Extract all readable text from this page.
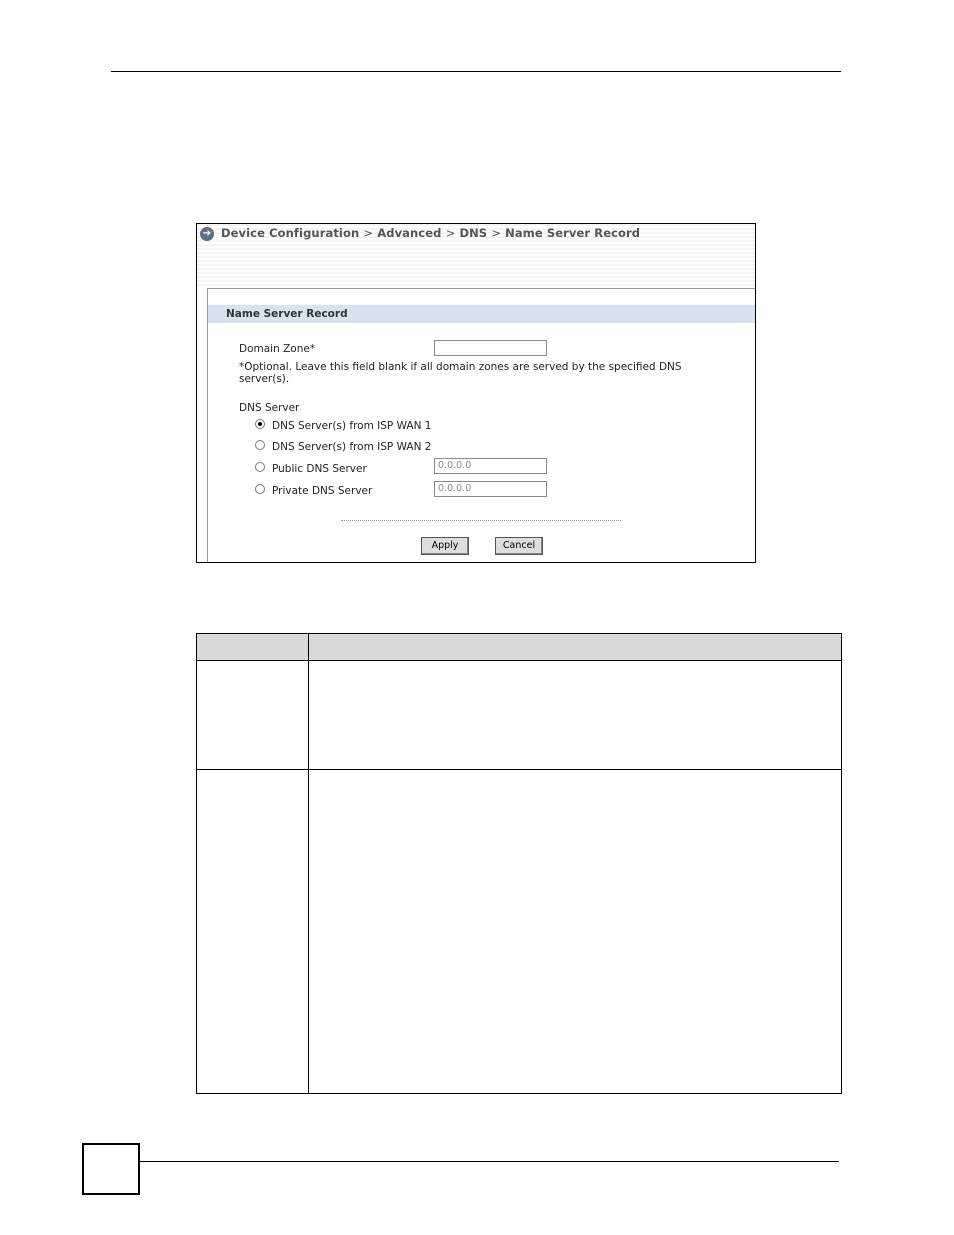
➔ Device Configuration > Advanced > DNS > Name Server Record
Name Server Record
Domain Zone*
*Optional. Leave this field blank if all domain zones are served by the specified DNS server(s).
DNS Server
DNS Server(s) from ISP WAN 1
DNS Server(s) from ISP WAN 2
Public DNS Server	0.0.0.0
Private DNS Server	0.0.0.0
Apply	Cancel
